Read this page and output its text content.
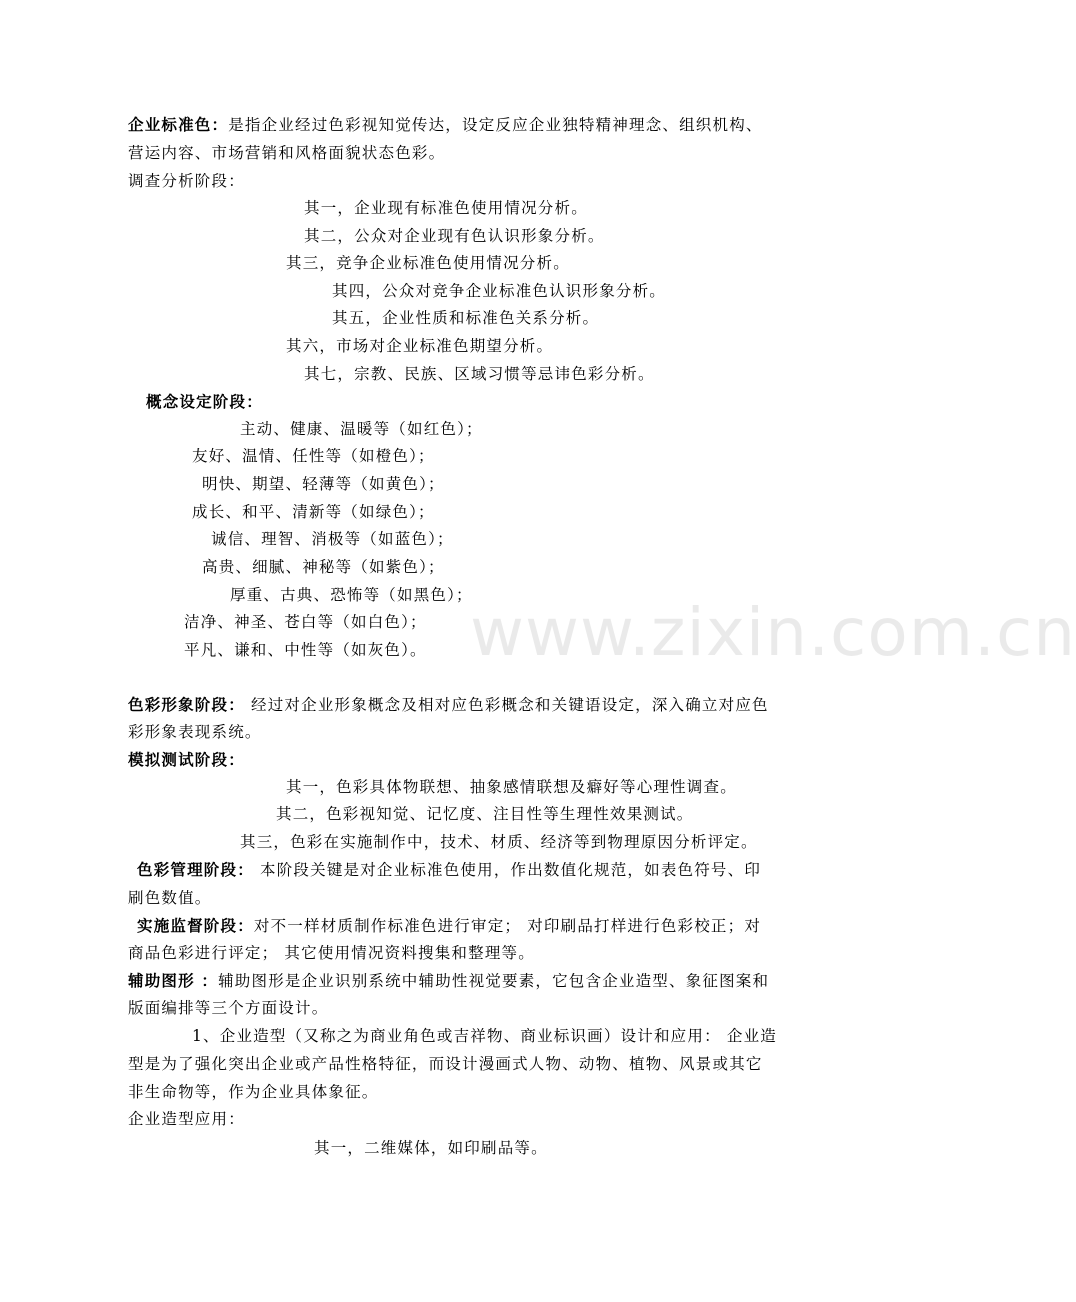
www.zixin.com.cn
企业标准色：是指企业经过色彩视知觉传达，设定反应企业独特精神理念、组织机构、
营运内容、市场营销和风格面貌状态色彩。
调查分析阶段：
其一，企业现有标准色使用情况分析。
其二，公众对企业现有色认识形象分析。
其三，竞争企业标准色使用情况分析。
其四，公众对竞争企业标准色认识形象分析。
其五，企业性质和标准色关系分析。
其六，市场对企业标准色期望分析。
其七，宗教、民族、区域习惯等忌讳色彩分析。
概念设定阶段：
主动、健康、温暖等（如红色）；
友好、温情、任性等（如橙色）；
明快、期望、轻薄等（如黄色）；
成长、和平、清新等（如绿色）；
诚信、理智、消极等（如蓝色）；
高贵、细腻、神秘等（如紫色）；
厚重、古典、恐怖等（如黑色）；
洁净、神圣、苍白等（如白色）；
平凡、谦和、中性等（如灰色）。
色彩形象阶段： 经过对企业形象概念及相对应色彩概念和关键语设定，深入确立对应色
彩形象表现系统。
模拟测试阶段：
其一，色彩具体物联想、抽象感情联想及癖好等心理性调查。
其二，色彩视知觉、记忆度、注目性等生理性效果测试。
其三，色彩在实施制作中，技术、材质、经济等到物理原因分析评定。
色彩管理阶段： 本阶段关键是对企业标准色使用，作出数值化规范，如表色符号、印
刷色数值。
实施监督阶段：对不一样材质制作标准色进行审定； 对印刷品打样进行色彩校正；对
商品色彩进行评定； 其它使用情况资料搜集和整理等。
辅助图形 ：辅助图形是企业识别系统中辅助性视觉要素，它包含企业造型、象征图案和
版面编排等三个方面设计。
1、企业造型（又称之为商业角色或吉祥物、商业标识画）设计和应用： 企业造
型是为了强化突出企业或产品性格特征，而设计漫画式人物、动物、植物、风景或其它
非生命物等，作为企业具体象征。
企业造型应用：
其一，二维媒体，如印刷品等。
